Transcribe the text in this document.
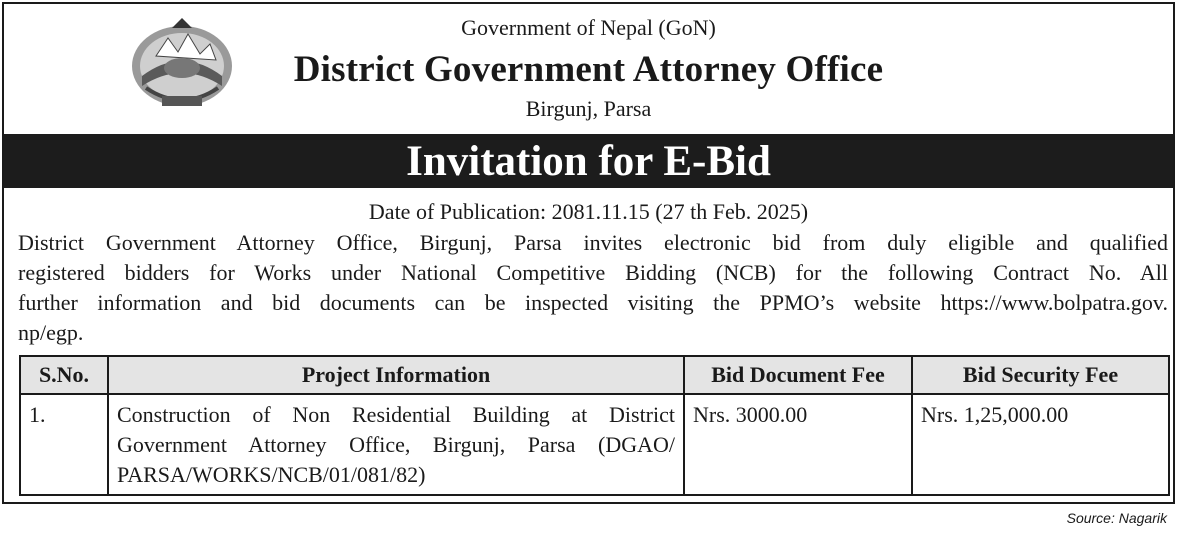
Government of Nepal (GoN)
District Government Attorney Office
Birgunj, Parsa
Invitation for E-Bid
Date of Publication: 2081.11.15 (27 th Feb. 2025)
District Government Attorney Office, Birgunj, Parsa invites electronic bid from duly eligible and qualified
registered bidders for Works under National Competitive Bidding (NCB) for the following Contract No. All
further information and bid documents can be inspected visiting the PPMO’s website https://www.bolpatra.gov.
np/egp.
S.No.	Project Information	Bid Document Fee	Bid Security Fee
1.	Construction of Non Residential Building at District
Government Attorney Office, Birgunj, Parsa (DGAO/
PARSA/WORKS/NCB/01/081/82)	Nrs. 3000.00	Nrs. 1,25,000.00
Source: Nagarik
